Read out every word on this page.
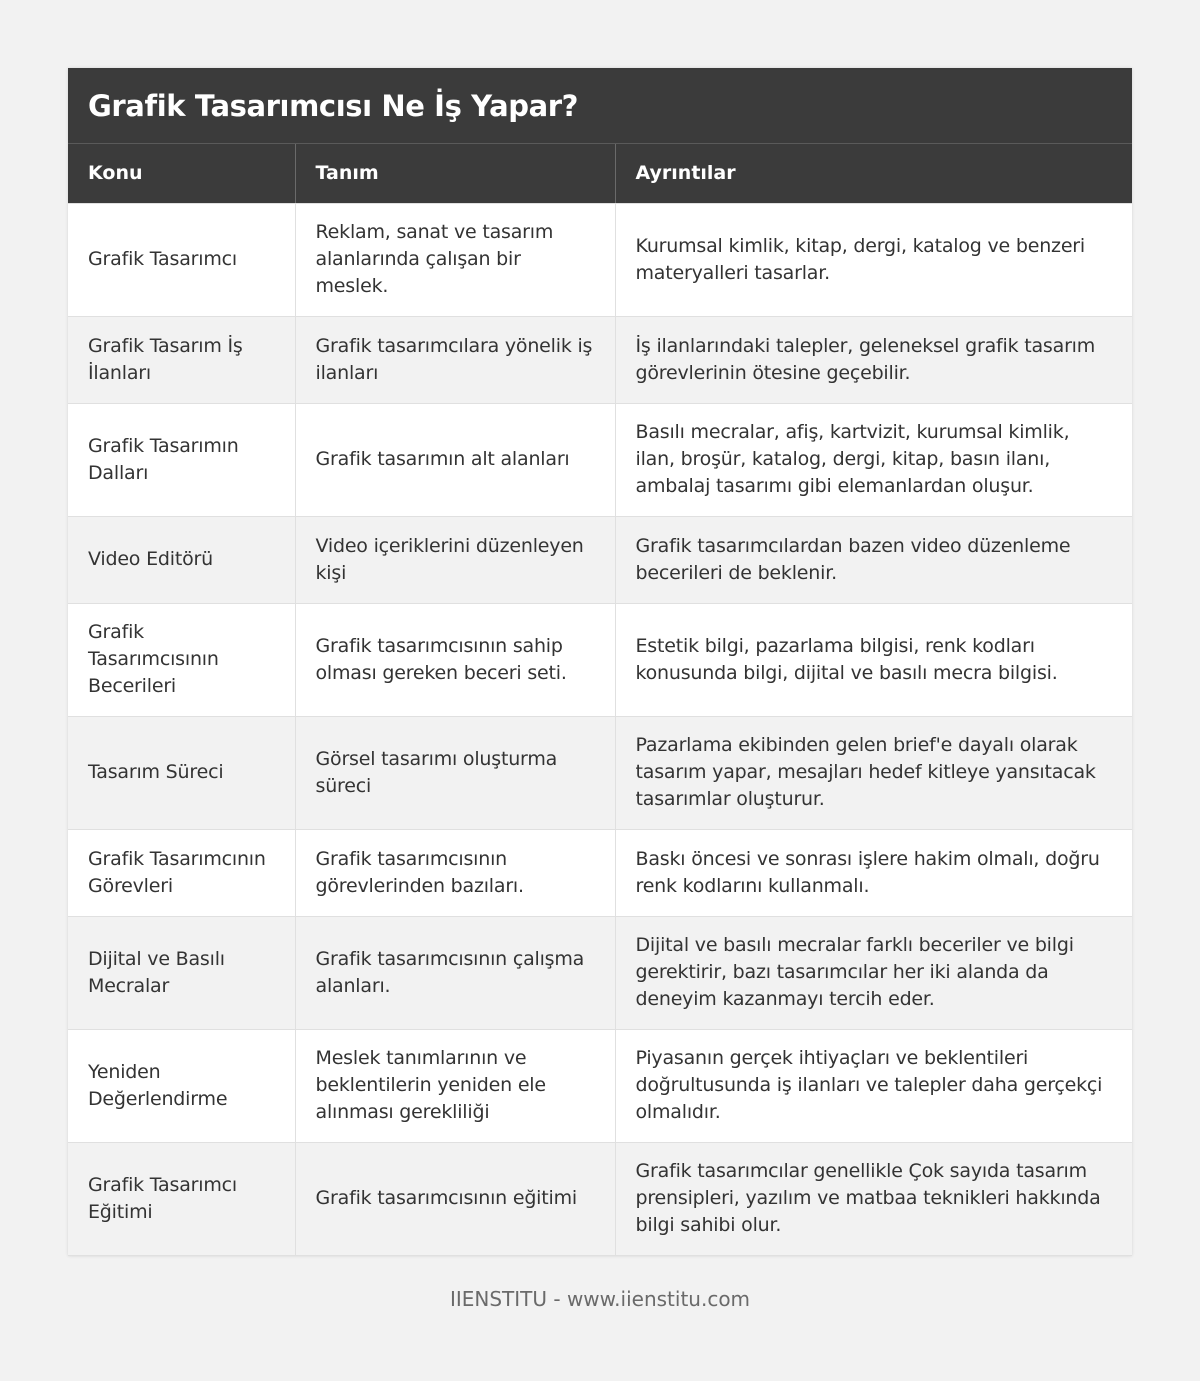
Grafik Tasarımcısı Ne İş Yapar?
Konu	Tanım	Ayrıntılar
Grafik Tasarımcı	Reklam, sanat ve tasarım alanlarında çalışan bir meslek.	Kurumsal kimlik, kitap, dergi, katalog ve benzeri materyalleri tasarlar.
Grafik Tasarım İş İlanları	Grafik tasarımcılara yönelik iş ilanları	İş ilanlarındaki talepler, geleneksel grafik tasarım görevlerinin ötesine geçebilir.
Grafik Tasarımın Dalları	Grafik tasarımın alt alanları	Basılı mecralar, afiş, kartvizit, kurumsal kimlik, ilan, broşür, katalog, dergi, kitap, basın ilanı, ambalaj tasarımı gibi elemanlardan oluşur.
Video Editörü	Video içeriklerini düzenleyen kişi	Grafik tasarımcılardan bazen video düzenleme becerileri de beklenir.
Grafik Tasarımcısının Becerileri	Grafik tasarımcısının sahip olması gereken beceri seti.	Estetik bilgi, pazarlama bilgisi, renk kodları konusunda bilgi, dijital ve basılı mecra bilgisi.
Tasarım Süreci	Görsel tasarımı oluşturma süreci	Pazarlama ekibinden gelen brief'e dayalı olarak tasarım yapar, mesajları hedef kitleye yansıtacak tasarımlar oluşturur.
Grafik Tasarımcının Görevleri	Grafik tasarımcısının görevlerinden bazıları.	Baskı öncesi ve sonrası işlere hakim olmalı, doğru renk kodlarını kullanmalı.
Dijital ve Basılı Mecralar	Grafik tasarımcısının çalışma alanları.	Dijital ve basılı mecralar farklı beceriler ve bilgi gerektirir, bazı tasarımcılar her iki alanda da deneyim kazanmayı tercih eder.
Yeniden Değerlendirme	Meslek tanımlarının ve beklentilerin yeniden ele alınması gerekliliği	Piyasanın gerçek ihtiyaçları ve beklentileri doğrultusunda iş ilanları ve talepler daha gerçekçi olmalıdır.
Grafik Tasarımcı Eğitimi	Grafik tasarımcısının eğitimi	Grafik tasarımcılar genellikle Çok sayıda tasarım prensipleri, yazılım ve matbaa teknikleri hakkında bilgi sahibi olur.
IIENSTITU - www.iienstitu.com
